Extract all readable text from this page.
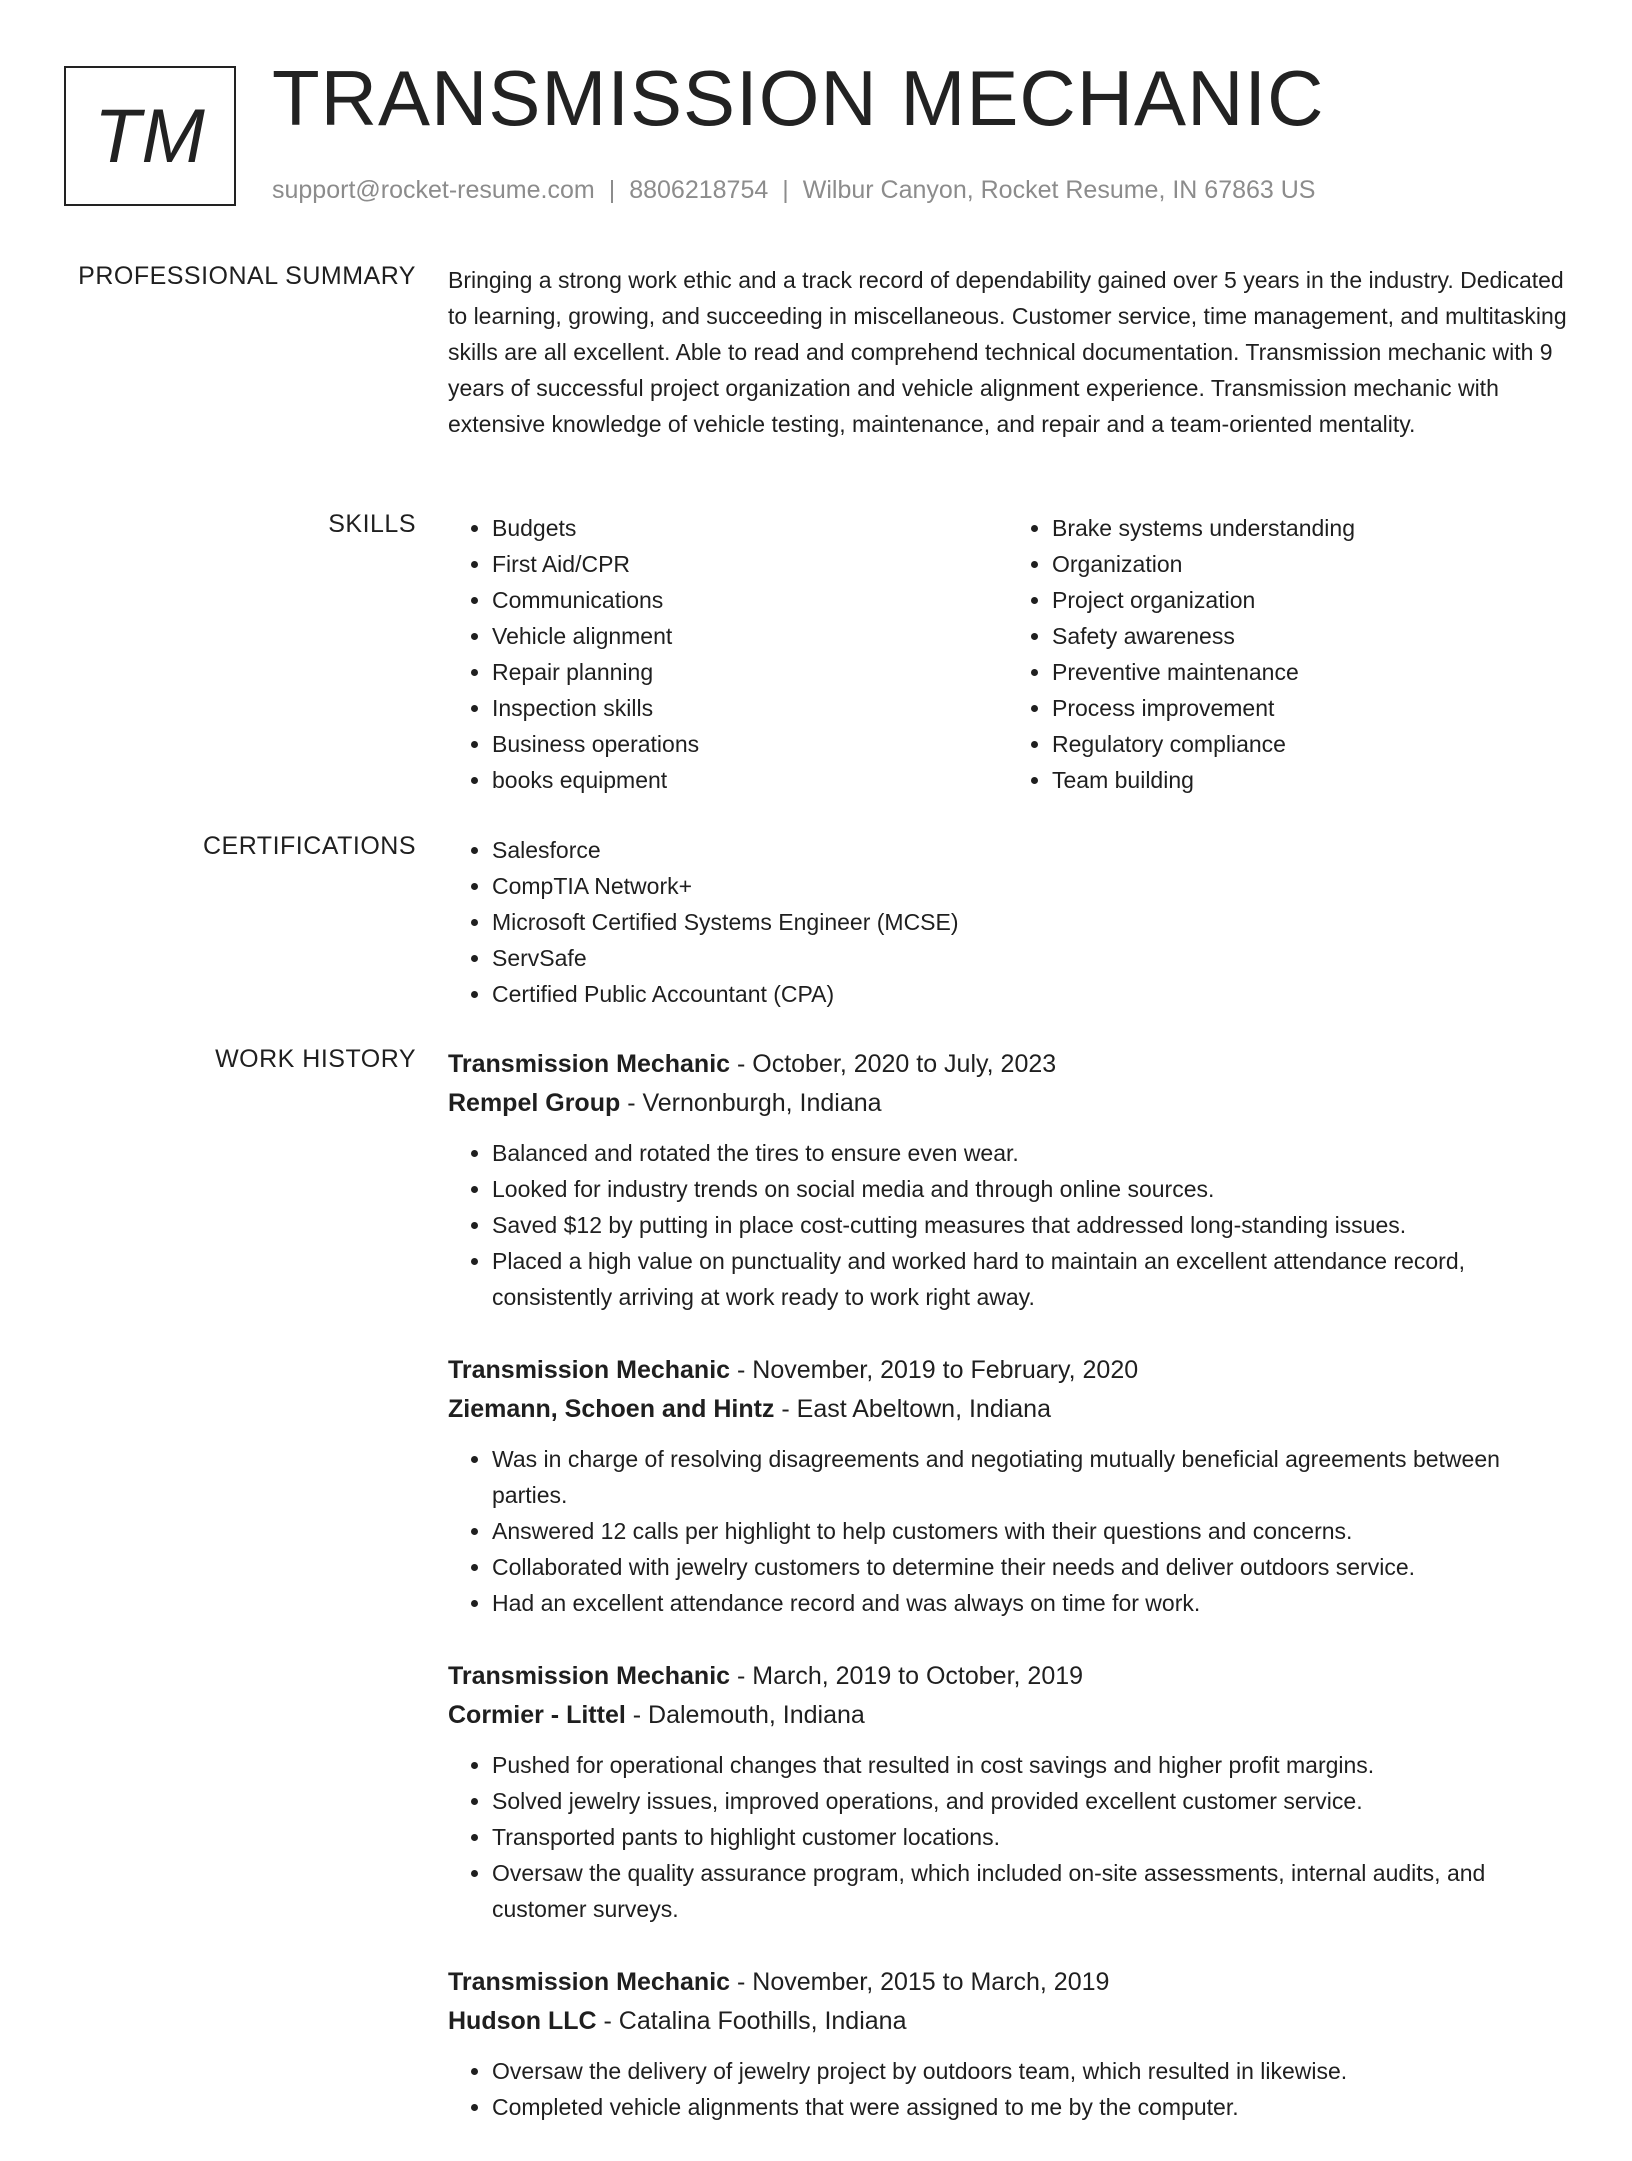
TM TRANSMISSION MECHANIC
support@rocket-resume.com | 8806218754 | Wilbur Canyon, Rocket Resume, IN 67863 US
PROFESSIONAL SUMMARY Bringing a strong work ethic and a track record of dependability gained over 5 years in the industry. Dedicated to learning, growing, and succeeding in miscellaneous. Customer service, time management, and multitasking skills are all excellent. Able to read and comprehend technical documentation. Transmission mechanic with 9 years of successful project organization and vehicle alignment experience. Transmission mechanic with extensive knowledge of vehicle testing, maintenance, and repair and a team-oriented mentality.

SKILLS	• Budgets
• First Aid/CPR
• Communications
• Vehicle alignment
• Repair planning
• Inspection skills
• Business operations
• books equipment
• Brake systems understanding
• Organization
• Project organization
• Safety awareness
• Preventive maintenance
• Process improvement
• Regulatory compliance
• Team building
CERTIFICATIONS	• Salesforce
• CompTIA Network+
• Microsoft Certified Systems Engineer (MCSE)
• ServSafe
• Certified Public Accountant (CPA)
WORK HISTORY Transmission Mechanic - October, 2020 to July, 2023
Rempel Group - Vernonburgh, Indiana
• Balanced and rotated the tires to ensure even wear.
• Looked for industry trends on social media and through online sources.
• Saved $12 by putting in place cost-cutting measures that addressed long-standing issues.
• Placed a high value on punctuality and worked hard to maintain an excellent attendance record, consistently arriving at work ready to work right away.
Transmission Mechanic - November, 2019 to February, 2020
Ziemann, Schoen and Hintz - East Abeltown, Indiana
• Was in charge of resolving disagreements and negotiating mutually beneficial agreements between parties.
• Answered 12 calls per highlight to help customers with their questions and concerns.
• Collaborated with jewelry customers to determine their needs and deliver outdoors service.
• Had an excellent attendance record and was always on time for work.
Transmission Mechanic - March, 2019 to October, 2019
Cormier - Littel - Dalemouth, Indiana
• Pushed for operational changes that resulted in cost savings and higher profit margins.
• Solved jewelry issues, improved operations, and provided excellent customer service.
• Transported pants to highlight customer locations.
• Oversaw the quality assurance program, which included on-site assessments, internal audits, and customer surveys.
Transmission Mechanic - November, 2015 to March, 2019
Hudson LLC - Catalina Foothills, Indiana
• Oversaw the delivery of jewelry project by outdoors team, which resulted in likewise.
• Completed vehicle alignments that were assigned to me by the computer.
